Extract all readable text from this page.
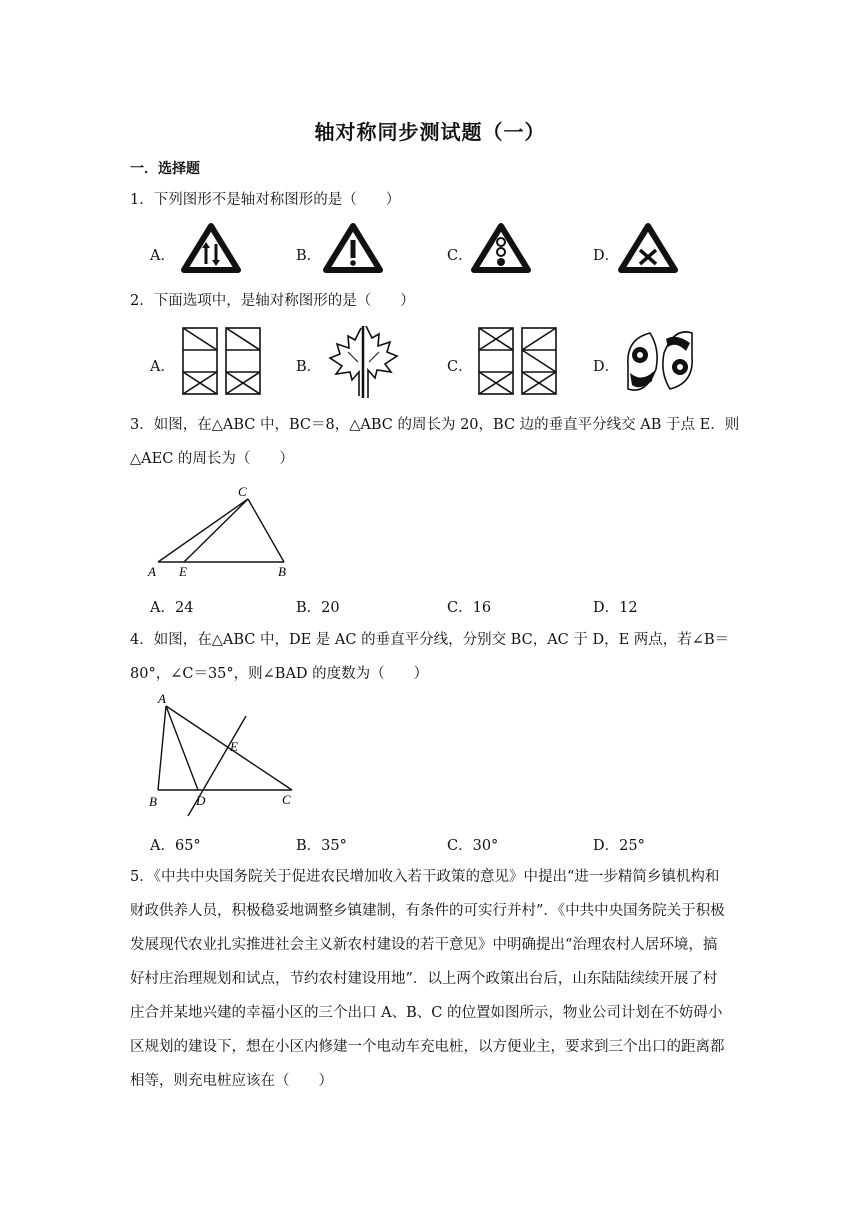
轴对称同步测试题（一）
一．选择题
1．下列图形不是轴对称图形的是（　　）
A．	B．	C．	D．
2．下面选项中，是轴对称图形的是（　　）
A．	B．	C．	D．
3．如图，在△ABC 中，BC＝8，△ABC 的周长为 20，BC 边的垂直平分线交 AB 于点 E．则
△AEC 的周长为（　　）
A E	B
C
A．24	B．20	C．16	D．12
4．如图，在△ABC 中，DE 是 AC 的垂直平分线，分别交 BC，AC 于 D，E 两点，若∠B＝
80°，∠C＝35°，则∠BAD 的度数为（　　）
A
B	D
E
C
A．65°	B．35°	C．30°	D．25°
5．《中共中央国务院关于促进农民增加收入若干政策的意见》中提出“进一步精简乡镇机构和财政供养人员，积极稳妥地调整乡镇建制，有条件的可实行并村”．《中共中央国务院关于积极发展现代农业扎实推进社会主义新农村建设的若干意见》中明确提出“治理农村人居环境，搞好村庄治理规划和试点，节约农村建设用地”．以上两个政策出台后，山东陆陆续续开展了村庄合并某地兴建的幸福小区的三个出口 A、B、C 的位置如图所示，物业公司计划在不妨碍小区规划的建设下，想在小区内修建一个电动车充电桩，以方便业主，要求到三个出口的距离都相等，则充电桩应该在（　　）
